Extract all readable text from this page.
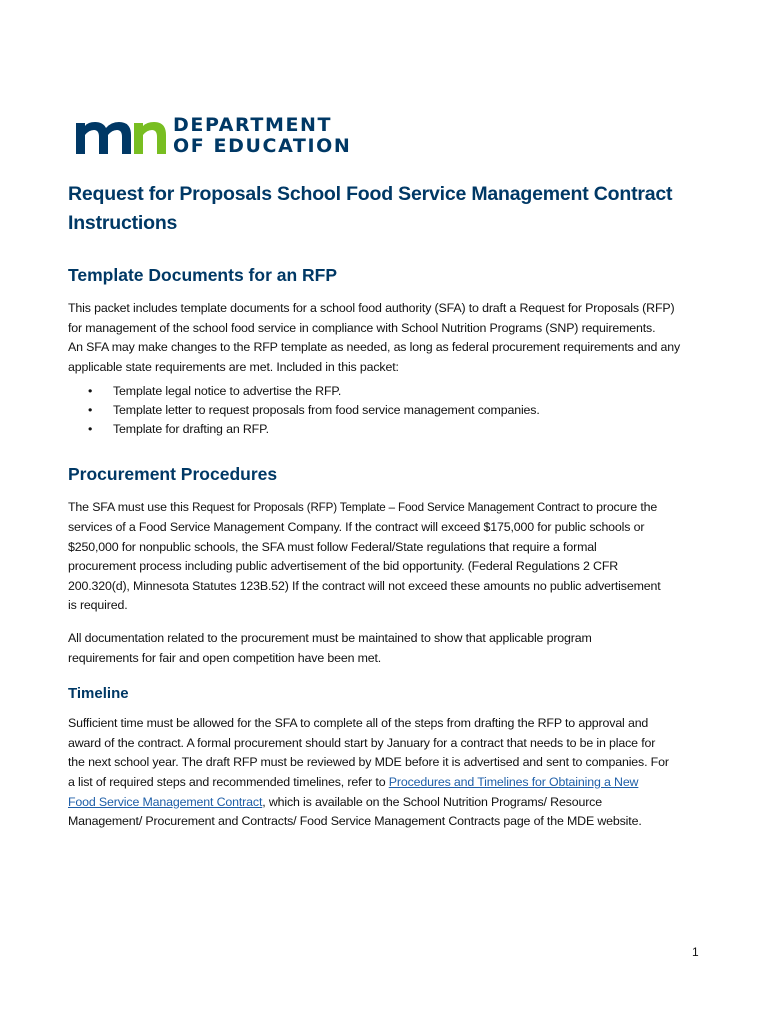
DEPARTMENT
OF EDUCATION
Request for Proposals School Food Service Management Contract
Instructions
Template Documents for an RFP

This packet includes template documents for a school food authority (SFA) to draft a Request for Proposals (RFP)
for management of the school food service in compliance with School Nutrition Programs (SNP) requirements.
An SFA may make changes to the RFP template as needed, as long as federal procurement requirements and any
applicable state requirements are met. Included in this packet:

• Template legal notice to advertise the RFP.
• Template letter to request proposals from food service management companies.
• Template for drafting an RFP.
Procurement Procedures

The SFA must use this Request for Proposals (RFP) Template – Food Service Management Contract to procure the
services of a Food Service Management Company. If the contract will exceed $175,000 for public schools or
$250,000 for nonpublic schools, the SFA must follow Federal/State regulations that require a formal
procurement process including public advertisement of the bid opportunity. (Federal Regulations 2 CFR
200.320(d), Minnesota Statutes 123B.52) If the contract will not exceed these amounts no public advertisement
is required.

All documentation related to the procurement must be maintained to show that applicable program
requirements for fair and open competition have been met.

Timeline

Sufficient time must be allowed for the SFA to complete all of the steps from drafting the RFP to approval and
award of the contract. A formal procurement should start by January for a contract that needs to be in place for
the next school year. The draft RFP must be reviewed by MDE before it is advertised and sent to companies. For
a list of required steps and recommended timelines, refer to Procedures and Timelines for Obtaining a New
Food Service Management Contract, which is available on the School Nutrition Programs/ Resource
Management/ Procurement and Contracts/ Food Service Management Contracts page of the MDE website.

1
